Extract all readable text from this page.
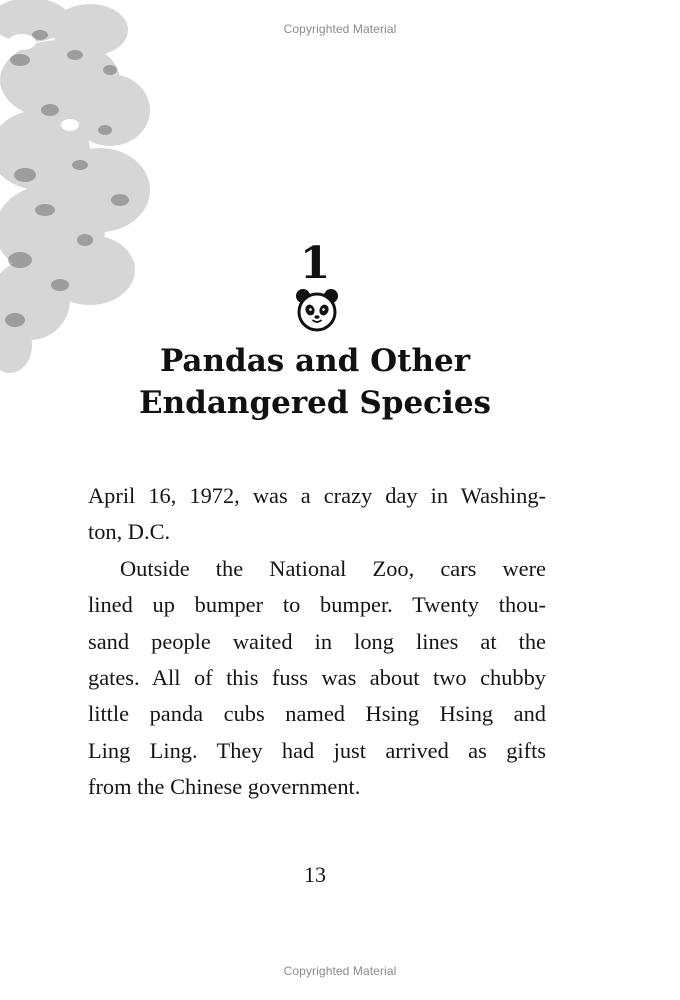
Copyrighted Material
1
Pandas and Other
Endangered Species
April 16, 1972, was a crazy day in Washing-
ton, D.C.
Outside the National Zoo, cars were
lined up bumper to bumper. Twenty thou-
sand people waited in long lines at the
gates. All of this fuss was about two chubby
little panda cubs named Hsing Hsing and
Ling Ling. They had just arrived as gifts
from the Chinese government.
13
Copyrighted Material
